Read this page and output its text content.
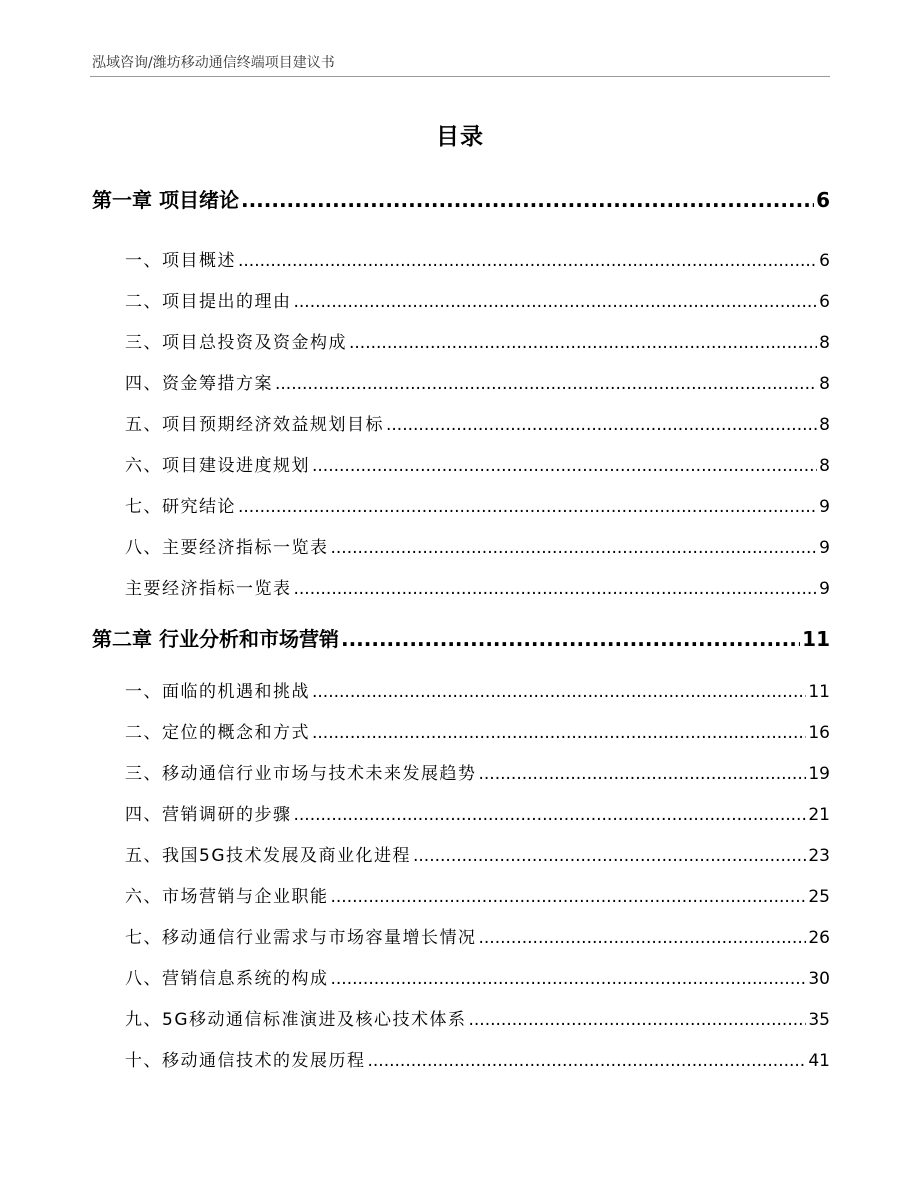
泓域咨询/潍坊移动通信终端项目建议书
目录
第一章 项目绪论 .....	6
一、 项目概述 .....	6
二、 项目提出的理由 .....	6
三、 项目总投资及资金构成 .....	8
四、 资金筹措方案 .....	8
五、 项目预期经济效益规划目标 .....	8
六、 项目建设进度规划 .....	8
七、 研究结论 .....	9
八、 主要经济指标一览表 .....	9
主要经济指标一览表 .....	9
第二章 行业分析和市场营销 .....	11
一、 面临的机遇和挑战 .....	11
二、 定位的概念和方式 .....	16
三、 移动通信行业市场与技术未来发展趋势 .....	19
四、 营销调研的步骤 .....	21
五、 我国5G技术发展及商业化进程 .....	23
六、 市场营销与企业职能 .....	25
七、 移动通信行业需求与市场容量增长情况 .....	26
八、 营销信息系统的构成 .....	30
九、 5G移动通信标准演进及核心技术体系 .....	35
十、 移动通信技术的发展历程 .....	41
